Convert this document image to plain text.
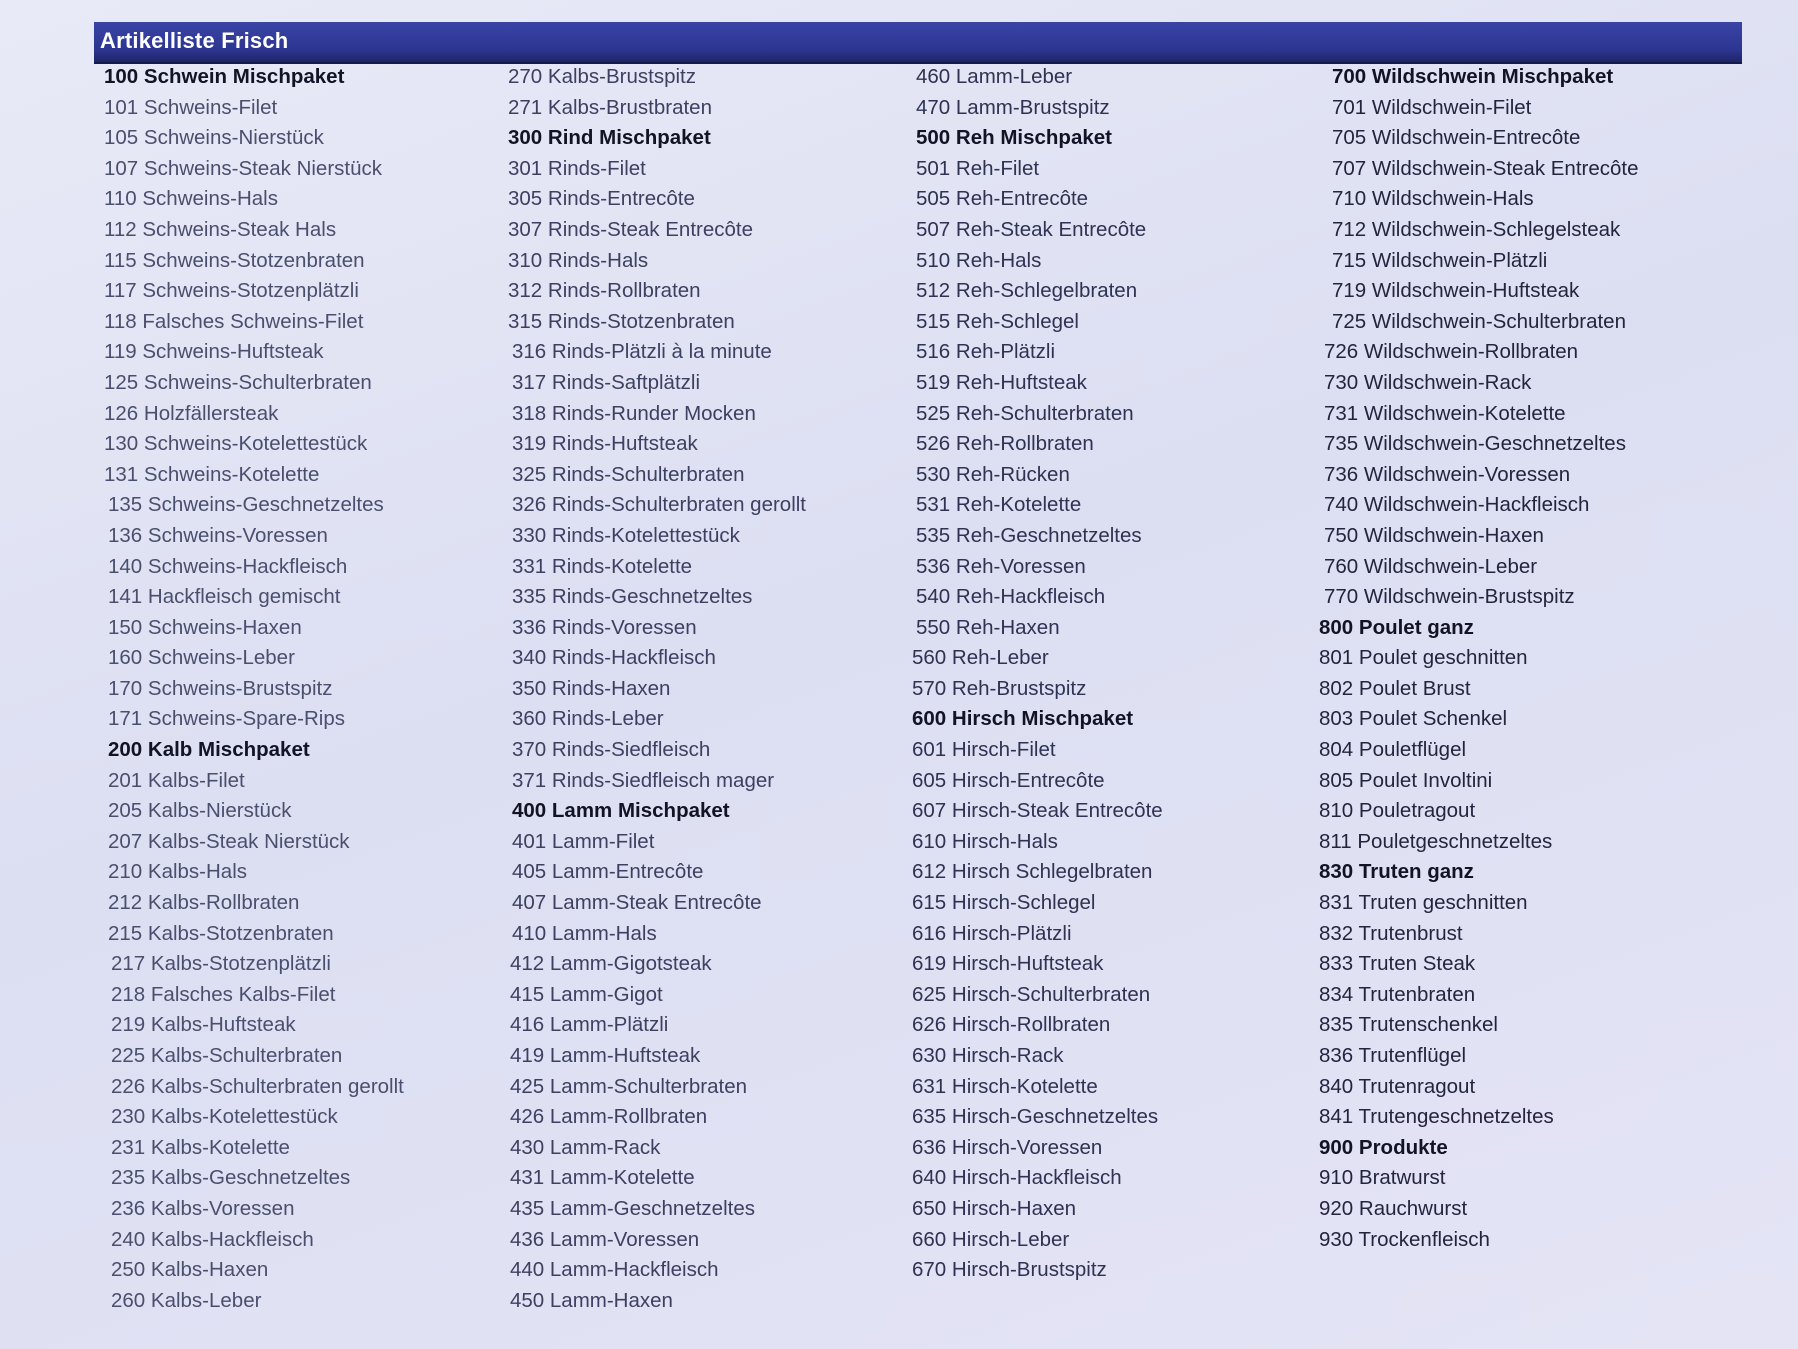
Artikelliste Frisch
100 Schwein Mischpaket
101 Schweins-Filet
105 Schweins-Nierstück
107 Schweins-Steak Nierstück
110 Schweins-Hals
112 Schweins-Steak Hals
115 Schweins-Stotzenbraten
117 Schweins-Stotzenplätzli
118 Falsches Schweins-Filet
119 Schweins-Huftsteak
125 Schweins-Schulterbraten
126 Holzfällersteak
130 Schweins-Kotelettestück
131 Schweins-Kotelette
135 Schweins-Geschnetzeltes
136 Schweins-Voressen
140 Schweins-Hackfleisch
141 Hackfleisch gemischt
150 Schweins-Haxen
160 Schweins-Leber
170 Schweins-Brustspitz
171 Schweins-Spare-Rips
200 Kalb Mischpaket
201 Kalbs-Filet
205 Kalbs-Nierstück
207 Kalbs-Steak Nierstück
210 Kalbs-Hals
212 Kalbs-Rollbraten
215 Kalbs-Stotzenbraten
217 Kalbs-Stotzenplätzli
218 Falsches Kalbs-Filet
219 Kalbs-Huftsteak
225 Kalbs-Schulterbraten
226 Kalbs-Schulterbraten gerollt
230 Kalbs-Kotelettestück
231 Kalbs-Kotelette
235 Kalbs-Geschnetzeltes
236 Kalbs-Voressen
240 Kalbs-Hackfleisch
250 Kalbs-Haxen
260 Kalbs-Leber
270 Kalbs-Brustspitz
271 Kalbs-Brustbraten
300 Rind Mischpaket
301 Rinds-Filet
305 Rinds-Entrecôte
307 Rinds-Steak Entrecôte
310 Rinds-Hals
312 Rinds-Rollbraten
315 Rinds-Stotzenbraten
316 Rinds-Plätzli à la minute
317 Rinds-Saftplätzli
318 Rinds-Runder Mocken
319 Rinds-Huftsteak
325 Rinds-Schulterbraten
326 Rinds-Schulterbraten gerollt
330 Rinds-Kotelettestück
331 Rinds-Kotelette
335 Rinds-Geschnetzeltes
336 Rinds-Voressen
340 Rinds-Hackfleisch
350 Rinds-Haxen
360 Rinds-Leber
370 Rinds-Siedfleisch
371 Rinds-Siedfleisch mager
400 Lamm Mischpaket
401 Lamm-Filet
405 Lamm-Entrecôte
407 Lamm-Steak Entrecôte
410 Lamm-Hals
412 Lamm-Gigotsteak
415 Lamm-Gigot
416 Lamm-Plätzli
419 Lamm-Huftsteak
425 Lamm-Schulterbraten
426 Lamm-Rollbraten
430 Lamm-Rack
431 Lamm-Kotelette
435 Lamm-Geschnetzeltes
436 Lamm-Voressen
440 Lamm-Hackfleisch
450 Lamm-Haxen
460 Lamm-Leber
470 Lamm-Brustspitz
500 Reh Mischpaket
501 Reh-Filet
505 Reh-Entrecôte
507 Reh-Steak Entrecôte
510 Reh-Hals
512 Reh-Schlegelbraten
515 Reh-Schlegel
516 Reh-Plätzli
519 Reh-Huftsteak
525 Reh-Schulterbraten
526 Reh-Rollbraten
530 Reh-Rücken
531 Reh-Kotelette
535 Reh-Geschnetzeltes
536 Reh-Voressen
540 Reh-Hackfleisch
550 Reh-Haxen
560 Reh-Leber
570 Reh-Brustspitz
600 Hirsch Mischpaket
601 Hirsch-Filet
605 Hirsch-Entrecôte
607 Hirsch-Steak Entrecôte
610 Hirsch-Hals
612 Hirsch Schlegelbraten
615 Hirsch-Schlegel
616 Hirsch-Plätzli
619 Hirsch-Huftsteak
625 Hirsch-Schulterbraten
626 Hirsch-Rollbraten
630 Hirsch-Rack
631 Hirsch-Kotelette
635 Hirsch-Geschnetzeltes
636 Hirsch-Voressen
640 Hirsch-Hackfleisch
650 Hirsch-Haxen
660 Hirsch-Leber
670 Hirsch-Brustspitz
700 Wildschwein Mischpaket
701 Wildschwein-Filet
705 Wildschwein-Entrecôte
707 Wildschwein-Steak Entrecôte
710 Wildschwein-Hals
712 Wildschwein-Schlegelsteak
715 Wildschwein-Plätzli
719 Wildschwein-Huftsteak
725 Wildschwein-Schulterbraten
726 Wildschwein-Rollbraten
730 Wildschwein-Rack
731 Wildschwein-Kotelette
735 Wildschwein-Geschnetzeltes
736 Wildschwein-Voressen
740 Wildschwein-Hackfleisch
750 Wildschwein-Haxen
760 Wildschwein-Leber
770 Wildschwein-Brustspitz
800 Poulet ganz
801 Poulet geschnitten
802 Poulet Brust
803 Poulet Schenkel
804 Pouletflügel
805 Poulet Involtini
810 Pouletragout
811 Pouletgeschnetzeltes
830 Truten ganz
831 Truten geschnitten
832 Trutenbrust
833 Truten Steak
834 Trutenbraten
835 Trutenschenkel
836 Trutenflügel
840 Trutenragout
841 Trutengeschnetzeltes
900 Produkte
910 Bratwurst
920 Rauchwurst
930 Trockenfleisch
